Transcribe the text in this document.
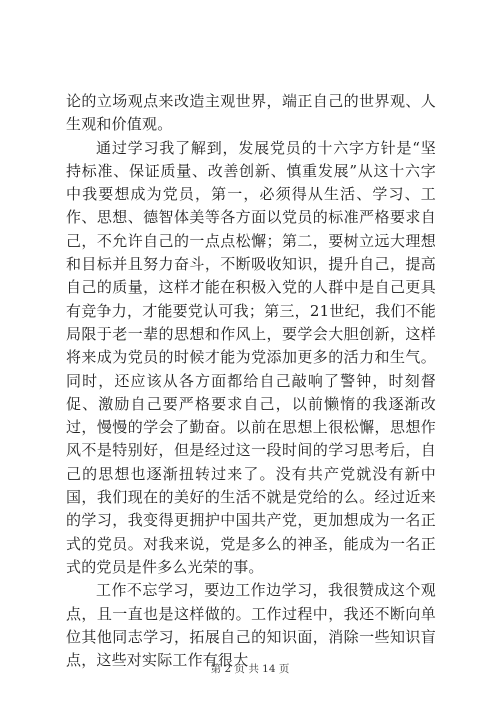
论的立场观点来改造主观世界，端正自己的世界观、人生观和价值观。

通过学习我了解到，发展党员的十六字方针是“坚持标准、保证质量、改善创新、慎重发展”从这十六字中我要想成为党员，第一，必须得从生活、学习、工作、思想、德智体美等各方面以党员的标准严格要求自己，不允许自己的一点点松懈；第二，要树立远大理想和目标并且努力奋斗，不断吸收知识，提升自己，提高自己的质量，这样才能在积极入党的人群中是自己更具有竞争力，才能要党认可我；第三，21世纪，我们不能局限于老一辈的思想和作风上，要学会大胆创新，这样将来成为党员的时候才能为党添加更多的活力和生气。同时，还应该从各方面都给自己敲响了警钟，时刻督促、激励自己要严格要求自己，以前懒惰的我逐渐改过，慢慢的学会了勤奋。以前在思想上很松懈，思想作风不是特别好，但是经过这一段时间的学习思考后，自己的思想也逐渐扭转过来了。没有共产党就没有新中国，我们现在的美好的生活不就是党给的么。经过近来的学习，我变得更拥护中国共产党，更加想成为一名正式的党员。对我来说，党是多么的神圣，能成为一名正式的党员是件多么光荣的事。

工作不忘学习，要边工作边学习，我很赞成这个观点，且一直也是这样做的。工作过程中，我还不断向单位其他同志学习，拓展自己的知识面，消除一些知识盲点，这些对实际工作有很大

第 2 页 共 14 页
